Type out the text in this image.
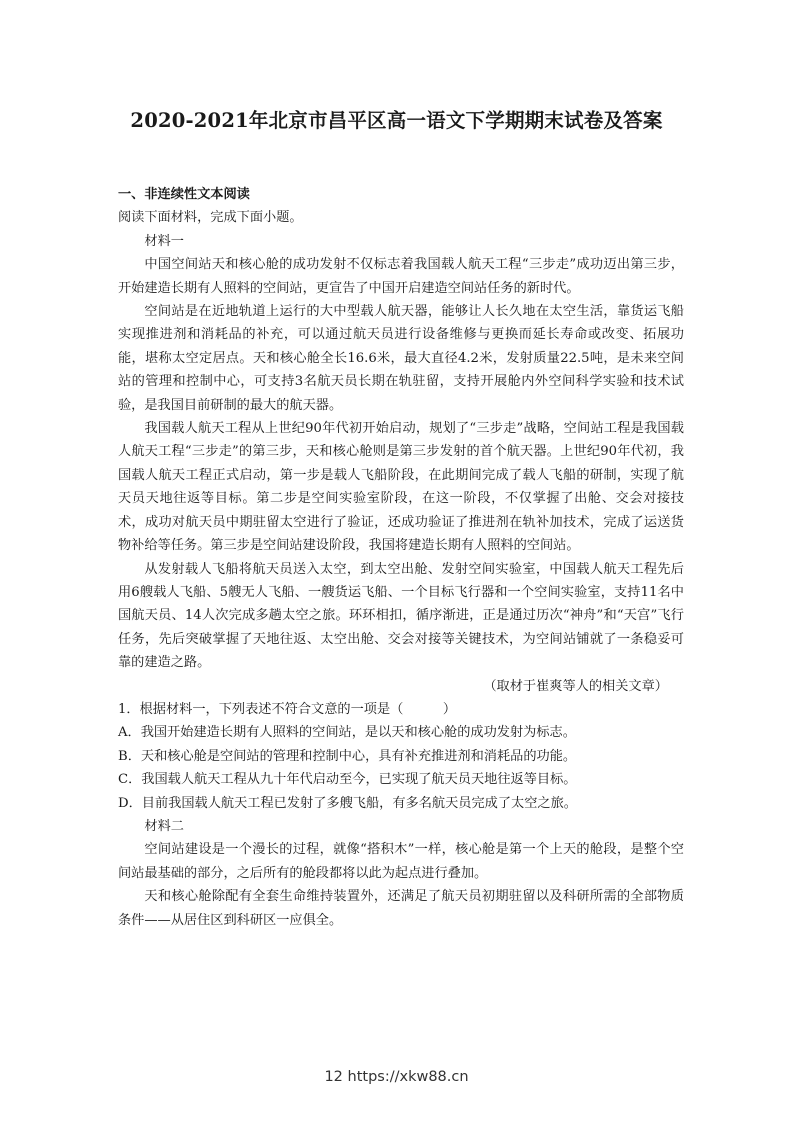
2020-2021年北京市昌平区高一语文下学期期末试卷及答案

一、非连续性文本阅读

阅读下面材料，完成下面小题。

材料一

中国空间站天和核心舱的成功发射不仅标志着我国载人航天工程“三步走”成功迈出第三步，开始建造长期有人照料的空间站，更宣告了中国开启建造空间站任务的新时代。

空间站是在近地轨道上运行的大中型载人航天器，能够让人长久地在太空生活，靠货运飞船实现推进剂和消耗品的补充，可以通过航天员进行设备维修与更换而延长寿命或改变、拓展功能，堪称太空定居点。天和核心舱全长16.6米，最大直径4.2米，发射质量22.5吨，是未来空间站的管理和控制中心，可支持3名航天员长期在轨驻留，支持开展舱内外空间科学实验和技术试验，是我国目前研制的最大的航天器。

我国载人航天工程从上世纪90年代初开始启动，规划了“三步走”战略，空间站工程是我国载人航天工程“三步走”的第三步，天和核心舱则是第三步发射的首个航天器。上世纪90年代初，我国载人航天工程正式启动，第一步是载人飞船阶段，在此期间完成了载人飞船的研制，实现了航天员天地往返等目标。第二步是空间实验室阶段，在这一阶段，不仅掌握了出舱、交会对接技术，成功对航天员中期驻留太空进行了验证，还成功验证了推进剂在轨补加技术，完成了运送货物补给等任务。第三步是空间站建设阶段，我国将建造长期有人照料的空间站。

从发射载人飞船将航天员送入太空，到太空出舱、发射空间实验室，中国载人航天工程先后用6艘载人飞船、5艘无人飞船、一艘货运飞船、一个目标飞行器和一个空间实验室，支持11名中国航天员、14人次完成多趟太空之旅。环环相扣，循序渐进，正是通过历次“神舟”和“天宫”飞行任务，先后突破掌握了天地往返、太空出舱、交会对接等关键技术，为空间站铺就了一条稳妥可靠的建造之路。

（取材于崔爽等人的相关文章）

1．根据材料一，下列表述不符合文意的一项是（　　　）

A．我国开始建造长期有人照料的空间站，是以天和核心舱的成功发射为标志。

B．天和核心舱是空间站的管理和控制中心，具有补充推进剂和消耗品的功能。

C．我国载人航天工程从九十年代启动至今，已实现了航天员天地往返等目标。

D．目前我国载人航天工程已发射了多艘飞船，有多名航天员完成了太空之旅。

材料二

空间站建设是一个漫长的过程，就像“搭积木”一样，核心舱是第一个上天的舱段，是整个空间站最基础的部分，之后所有的舱段都将以此为起点进行叠加。

天和核心舱除配有全套生命维持装置外，还满足了航天员初期驻留以及科研所需的全部物质条件——从居住区到科研区一应俱全。

12 https://xkw88.cn
